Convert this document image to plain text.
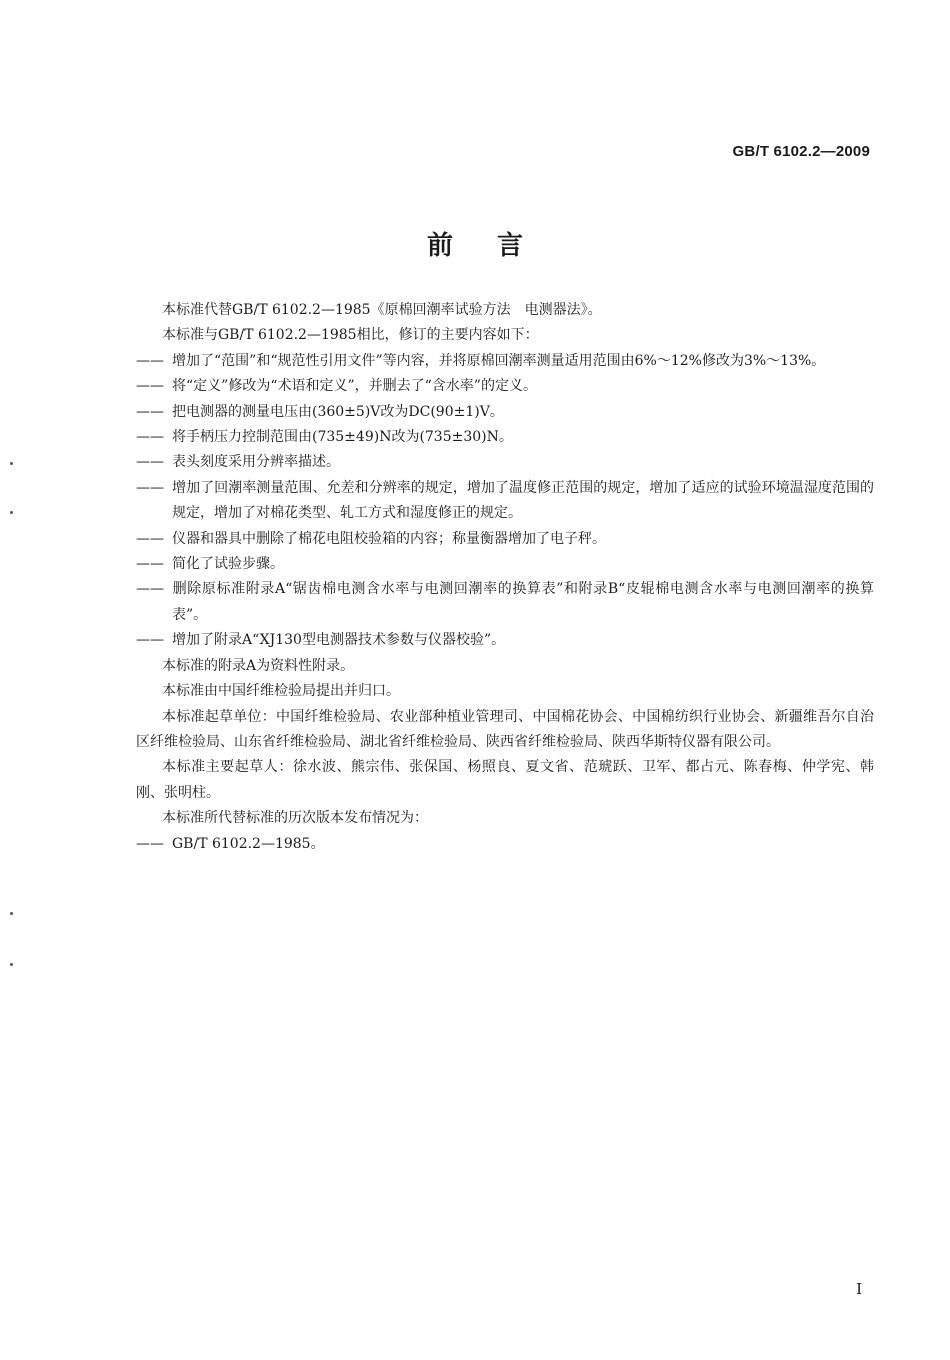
GB/T 6102.2—2009
前言
本标准代替GB/T 6102.2—1985《原棉回潮率试验方法　电测器法》。
本标准与GB/T 6102.2—1985相比，修订的主要内容如下：
—— 增加了“范围”和“规范性引用文件”等内容，并将原棉回潮率测量适用范围由6%～12%修改为3%～13%。
—— 将“定义”修改为“术语和定义”，并删去了“含水率”的定义。
—— 把电测器的测量电压由(360±5)V改为DC(90±1)V。
—— 将手柄压力控制范围由(735±49)N改为(735±30)N。
—— 表头刻度采用分辨率描述。
—— 增加了回潮率测量范围、允差和分辨率的规定，增加了温度修正范围的规定，增加了适应的试验环境温湿度范围的规定，增加了对棉花类型、轧工方式和湿度修正的规定。
—— 仪器和器具中删除了棉花电阻校验箱的内容；称量衡器增加了电子秤。
—— 简化了试验步骤。
—— 删除原标准附录A“锯齿棉电测含水率与电测回潮率的换算表”和附录B“皮辊棉电测含水率与电测回潮率的换算表”。
—— 增加了附录A“XJ130型电测器技术参数与仪器校验”。
本标准的附录A为资料性附录。
本标准由中国纤维检验局提出并归口。
本标准起草单位：中国纤维检验局、农业部种植业管理司、中国棉花协会、中国棉纺织行业协会、新疆维吾尔自治区纤维检验局、山东省纤维检验局、湖北省纤维检验局、陕西省纤维检验局、陕西华斯特仪器有限公司。
本标准主要起草人：徐水波、熊宗伟、张保国、杨照良、夏文省、范琥跃、卫军、都占元、陈春梅、仲学宪、韩刚、张明柱。
本标准所代替标准的历次版本发布情况为：
—— GB/T 6102.2—1985。
I
